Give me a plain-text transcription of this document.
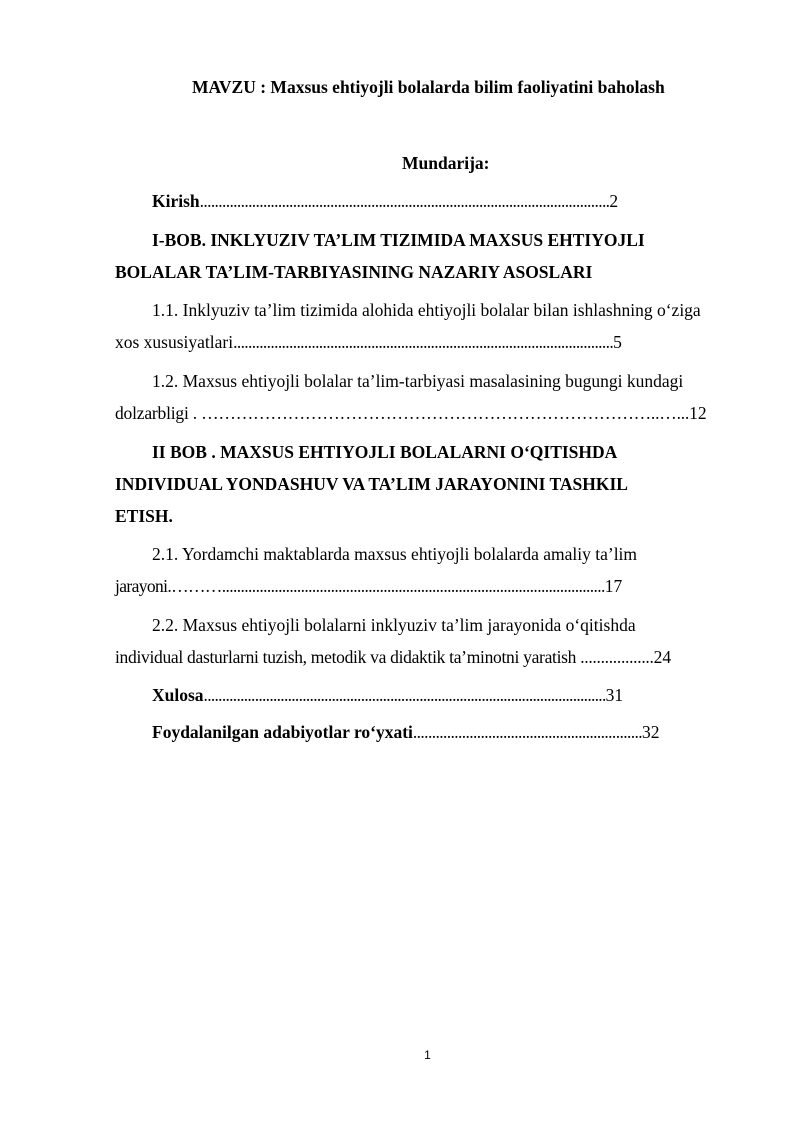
MAVZU : Maxsus ehtiyojli bolalarda bilim faoliyatini baholash
Mundarija:
Kirish..............................................................................................................2
I-BOB. INKLYUZIV TA’LIM TIZIMIDA MAXSUS EHTIYOJLI
BOLALAR TA’LIM-TARBIYASINING NAZARIY ASOSLARI
1.1. Inklyuziv ta’lim tizimida alohida ehtiyojli bolalar bilan ishlashning o‘ziga
xos xususiyatlari......................................................................................................5
1.2. Maxsus ehtiyojli bolalar ta’lim-tarbiyasi masalasining bugungi kundagi
dolzarbligi . ……………………………………………………………………..…...12
II BOB . MAXSUS EHTIYOJLI BOLALARNI O‘QITISHDA
INDIVIDUAL YONDASHUV VA TA’LIM JARAYONINI TASHKIL
ETISH.
2.1. Yordamchi maktablarda maxsus ehtiyojli bolalarda amaliy ta’lim
jarayoni.………......................................................................................................17
2.2. Maxsus ehtiyojli bolalarni inklyuziv ta’lim jarayonida o‘qitishda
individual dasturlarni tuzish, metodik va didaktik ta’minotni yaratish ..................24
Xulosa..............................................................................................................31
Foydalanilgan adabiyotlar ro‘yxati.............................................................32
1
